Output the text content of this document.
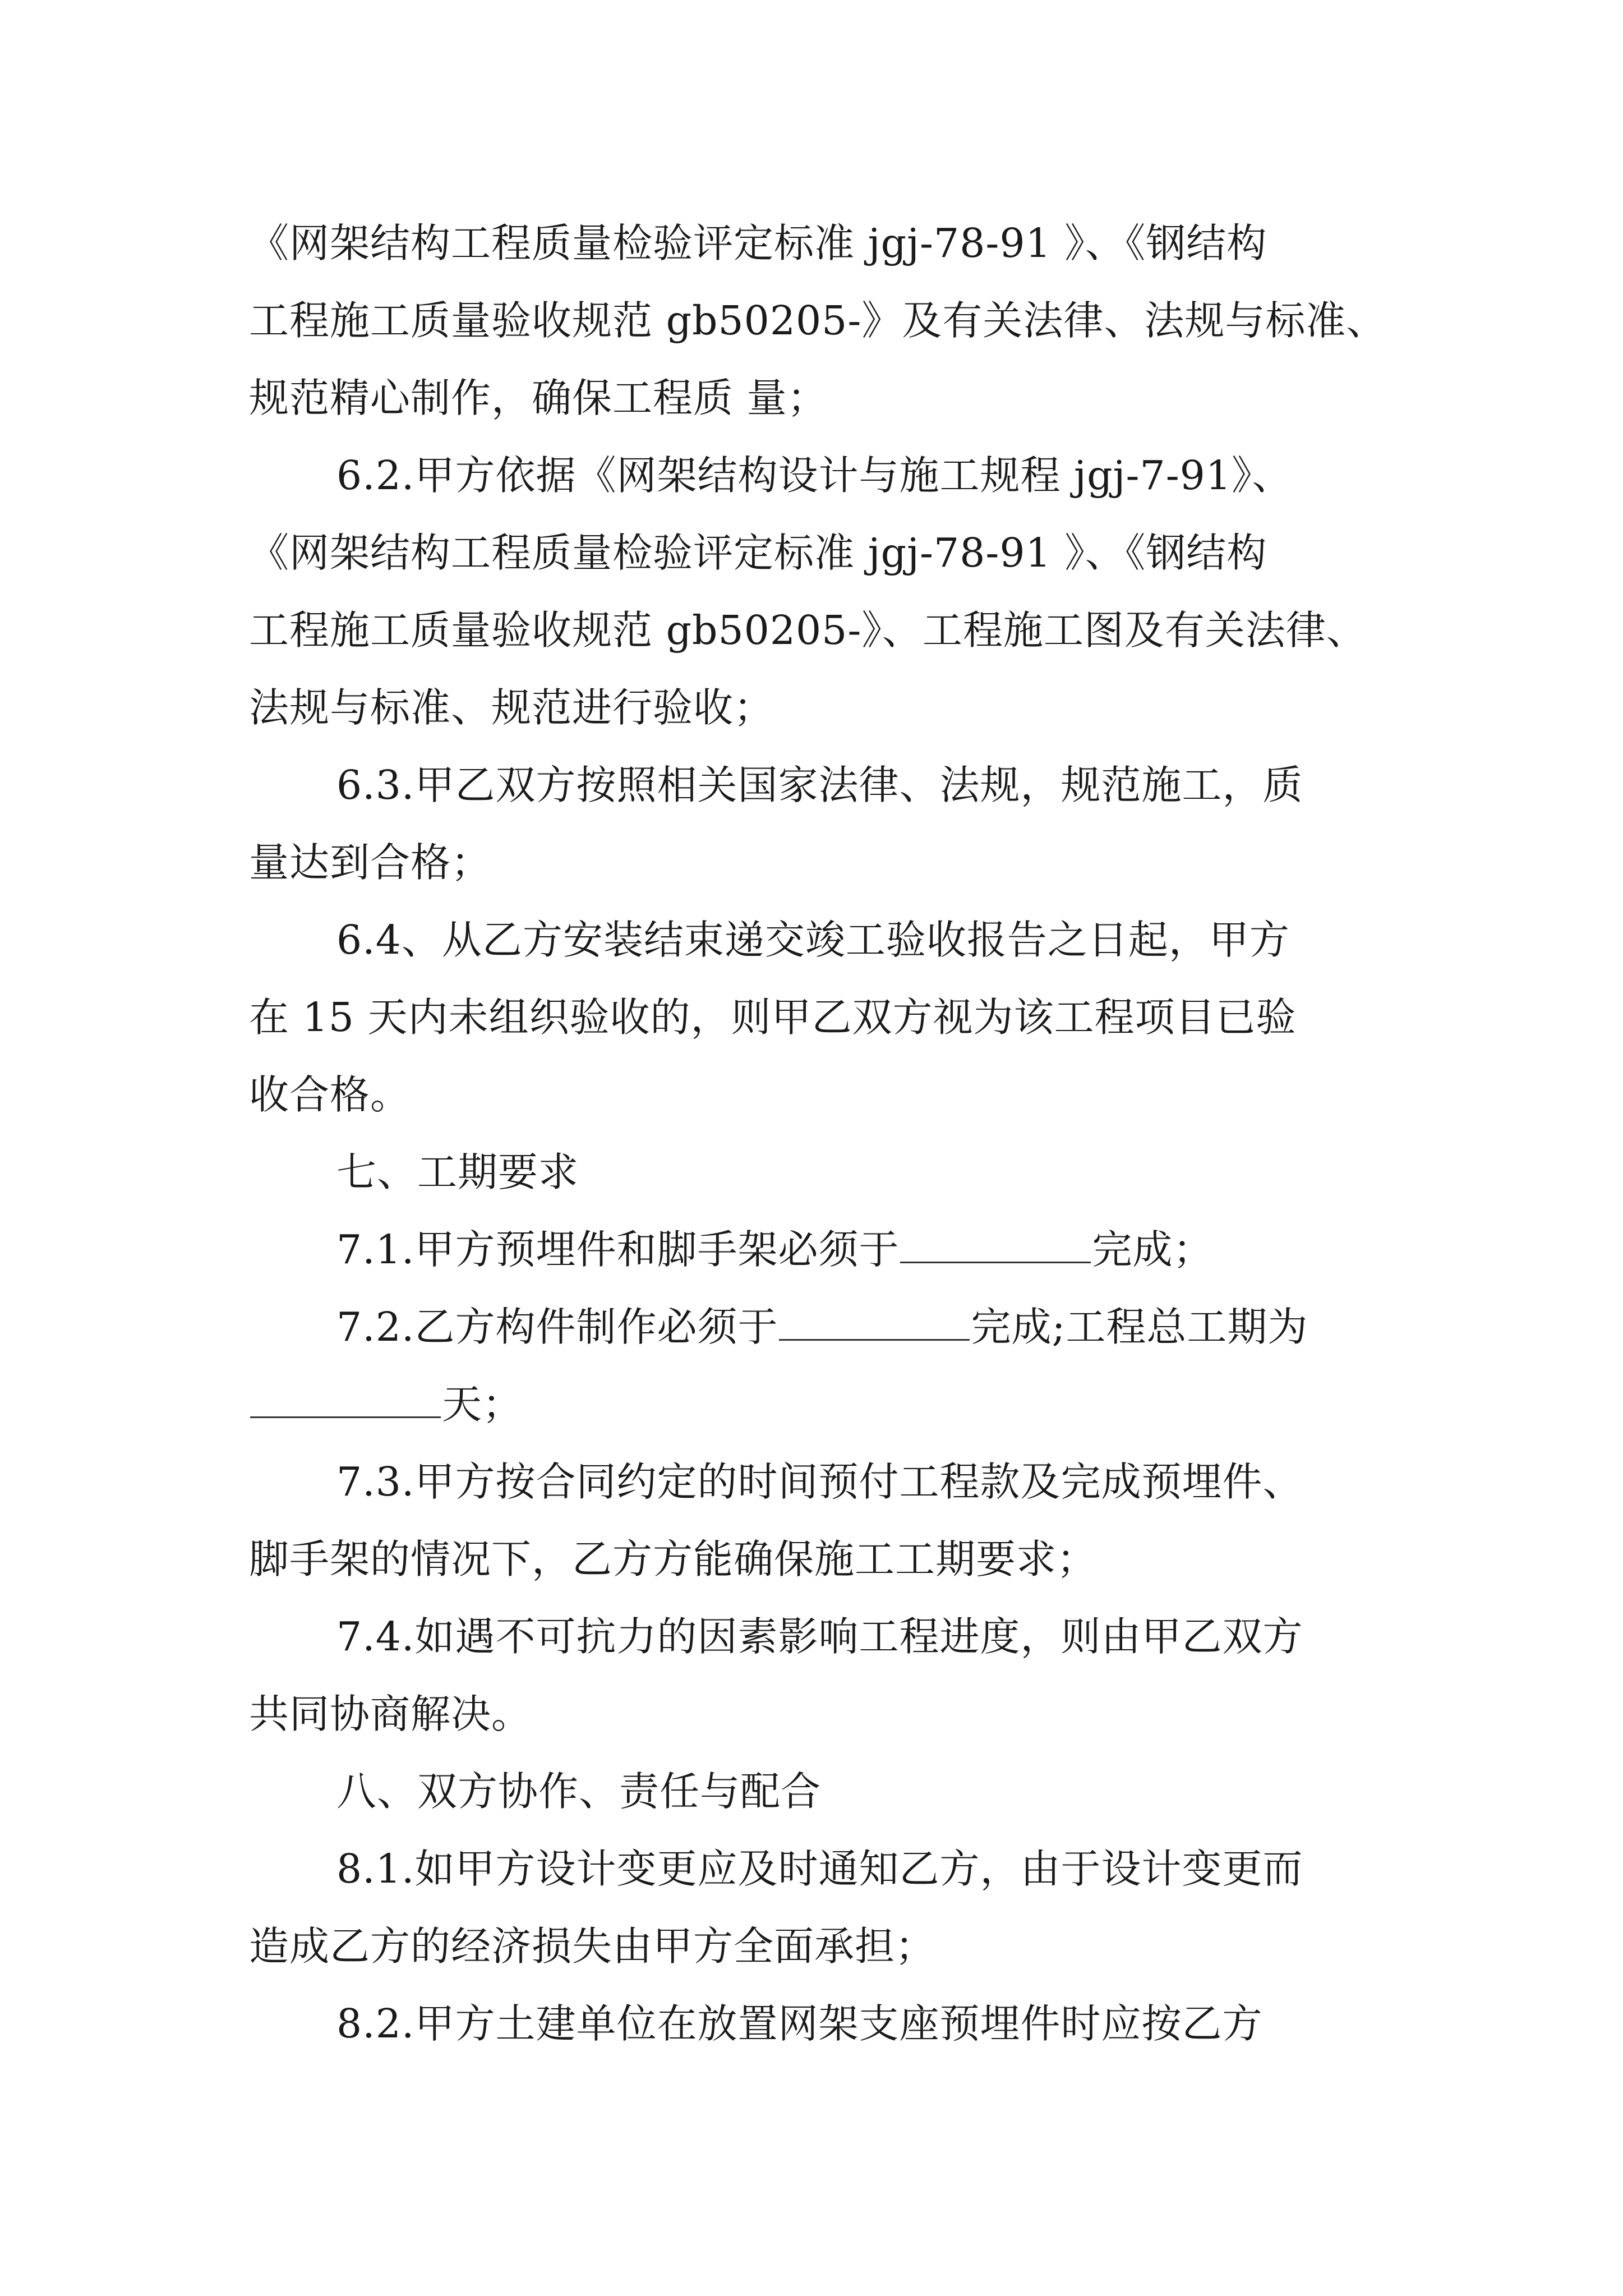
《网架结构工程质量检验评定标准 jgj-78-91 》、《钢结构
工程施工质量验收规范 gb50205-》及有关法律、法规与标准、
规范精心制作，确保工程质 量；
6.2.甲方依据《网架结构设计与施工规程 jgj-7-91》、
《网架结构工程质量检验评定标准 jgj-78-91 》、《钢结构
工程施工质量验收规范 gb50205-》、工程施工图及有关法律、
法规与标准、规范进行验收；
6.3.甲乙双方按照相关国家法律、法规，规范施工，质
量达到合格；
6.4、从乙方安装结束递交竣工验收报告之日起，甲方
在 15 天内未组织验收的，则甲乙双方视为该工程项目已验
收合格。
七、工期要求
7.1.甲方预埋件和脚手架必须于	完成；
7.2.乙方构件制作必须于	完成;工程总工期为
天；
7.3.甲方按合同约定的时间预付工程款及完成预埋件、
脚手架的情况下，乙方方能确保施工工期要求；
7.4.如遇不可抗力的因素影响工程进度，则由甲乙双方
共同协商解决。
八、双方协作、责任与配合
8.1.如甲方设计变更应及时通知乙方，由于设计变更而
造成乙方的经济损失由甲方全面承担；
8.2.甲方土建单位在放置网架支座预埋件时应按乙方
